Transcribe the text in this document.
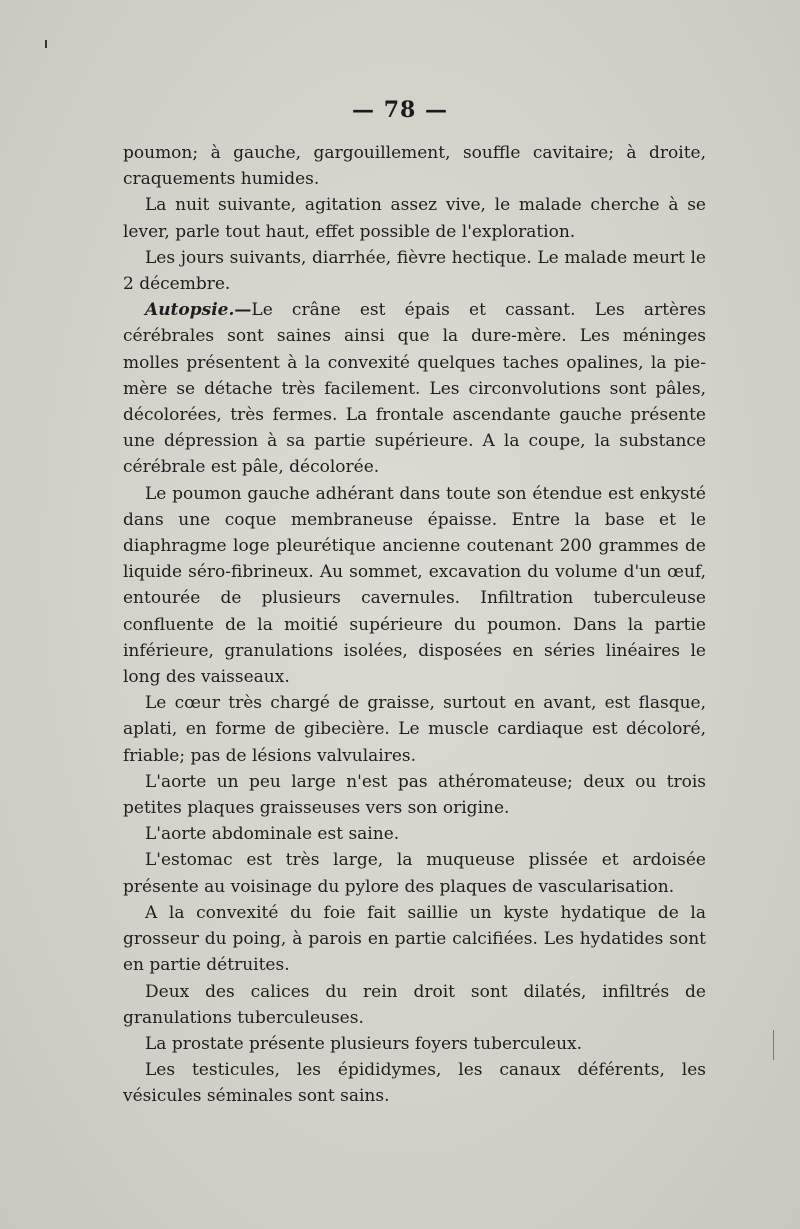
— 78 —

poumon; à gauche, gargouillement, souffle cavitaire; à droite, craquements humides.

La nuit suivante, agitation assez vive, le malade cherche à se lever, parle tout haut, effet possible de l'exploration.

Les jours suivants, diarrhée, fièvre hectique. Le malade meurt le 2 décembre.

Autopsie.—Le crâne est épais et cassant. Les artères cérébrales sont saines ainsi que la dure-mère. Les méninges molles présentent à la convexité quelques taches opalines, la pie-mère se détache très facilement. Les circonvolutions sont pâles, décolorées, très fermes. La frontale ascendante gauche présente une dépression à sa partie supérieure. A la coupe, la substance cérébrale est pâle, décolorée.

Le poumon gauche adhérant dans toute son étendue est enkysté dans une coque membraneuse épaisse. Entre la base et le diaphragme loge pleurétique ancienne coutenant 200 grammes de liquide séro-fibrineux. Au sommet, excavation du volume d'un œuf, entourée de plusieurs cavernules. Infiltration tuberculeuse confluente de la moitié supérieure du poumon. Dans la partie inférieure, granulations isolées, disposées en séries linéaires le long des vaisseaux.

Le cœur très chargé de graisse, surtout en avant, est flasque, aplati, en forme de gibecière. Le muscle cardiaque est décoloré, friable; pas de lésions valvulaires.

L'aorte un peu large n'est pas athéromateuse; deux ou trois petites plaques graisseuses vers son origine.

L'aorte abdominale est saine.

L'estomac est très large, la muqueuse plissée et ardoisée présente au voisinage du pylore des plaques de vascularisation.

A la convexité du foie fait saillie un kyste hydatique de la grosseur du poing, à parois en partie calcifiées. Les hydatides sont en partie détruites.

Deux des calices du rein droit sont dilatés, infiltrés de granulations tuberculeuses.

La prostate présente plusieurs foyers tuberculeux.

Les testicules, les épididymes, les canaux déférents, les vésicules séminales sont sains.
